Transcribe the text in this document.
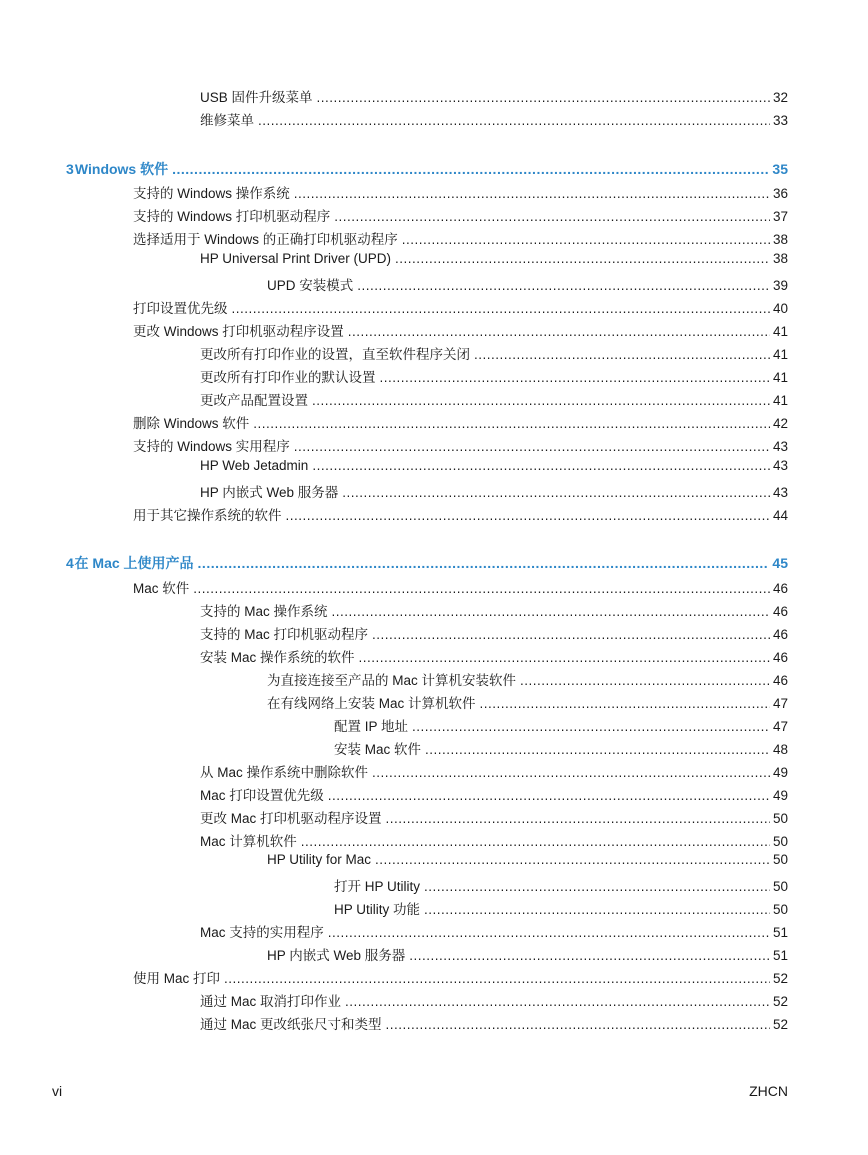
USB 固件升级菜单 .....	32
维修菜单 .....	33
3 Windows 软件 .....	35
支持的 Windows 操作系统 .....	36
支持的 Windows 打印机驱动程序 .....	37
选择适用于 Windows 的正确打印机驱动程序 .....	38
HP Universal Print Driver (UPD) .....	38
UPD 安装模式 .....	39
打印设置优先级 .....	40
更改 Windows 打印机驱动程序设置 .....	41
更改所有打印作业的设置，直至软件程序关闭 .....	41
更改所有打印作业的默认设置 .....	41
更改产品配置设置 .....	41
删除 Windows 软件 .....	42
支持的 Windows 实用程序 .....	43
HP Web Jetadmin .....	43
HP 内嵌式 Web 服务器 .....	43
用于其它操作系统的软件 .....	44
4 在 Mac 上使用产品 .....	45
Mac 软件 .....	46
支持的 Mac 操作系统 .....	46
支持的 Mac 打印机驱动程序 .....	46
安装 Mac 操作系统的软件 .....	46
为直接连接至产品的 Mac 计算机安装软件 .....	46
在有线网络上安装 Mac 计算机软件 .....	47
配置 IP 地址 .....	47
安装 Mac 软件 .....	48
从 Mac 操作系统中删除软件 .....	49
Mac 打印设置优先级 .....	49
更改 Mac 打印机驱动程序设置 .....	50
Mac 计算机软件 .....	50
HP Utility for Mac .....	50
打开 HP Utility .....	50
HP Utility 功能 .....	50
Mac 支持的实用程序 .....	51
HP 内嵌式 Web 服务器 .....	51
使用 Mac 打印 .....	52
通过 Mac 取消打印作业 .....	52
通过 Mac 更改纸张尺寸和类型 .....	52
vi	ZHCN
